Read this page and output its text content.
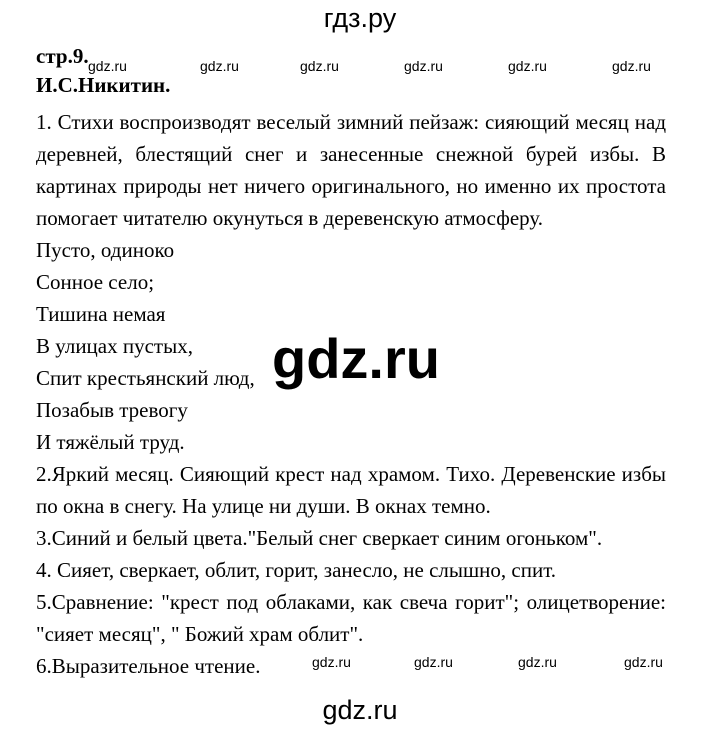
гдз.ру
стр.9. gdz.ru	gdz.ru	gdz.ru	gdz.ru	gdz.ru	gdz.ru
И.С.Никитин.

1. Стихи воспроизводят веселый зимний пейзаж: сияющий месяц над деревней, блестящий снег и занесенные снежной бурей избы. В картинах природы нет ничего оригинального, но именно их простота помогает читателю окунуться в деревенскую атмосферу.

Пусто, одиноко
Сонное село;
Тишина немая
В улицах пустых,
Спит крестьянский люд,
Позабыв тревогу
И тяжёлый труд.

2.Яркий месяц. Сияющий крест над храмом. Тихо. Деревенские избы по окна в снегу. На улице ни души. В окнах темно.

3.Синий и белый цвета."Белый снег сверкает синим огоньком".

4. Сияет, сверкает, облит, горит, занесло, не слышно, спит.

5.Сравнение: "крест под облаками, как свеча горит"; олицетворение: "сияет месяц", " Божий храм облит".

6.Выразительное чтение.

gdz.ru
gdz.ru	gdz.ru	gdz.ru	gdz.ru
gdz.ru
